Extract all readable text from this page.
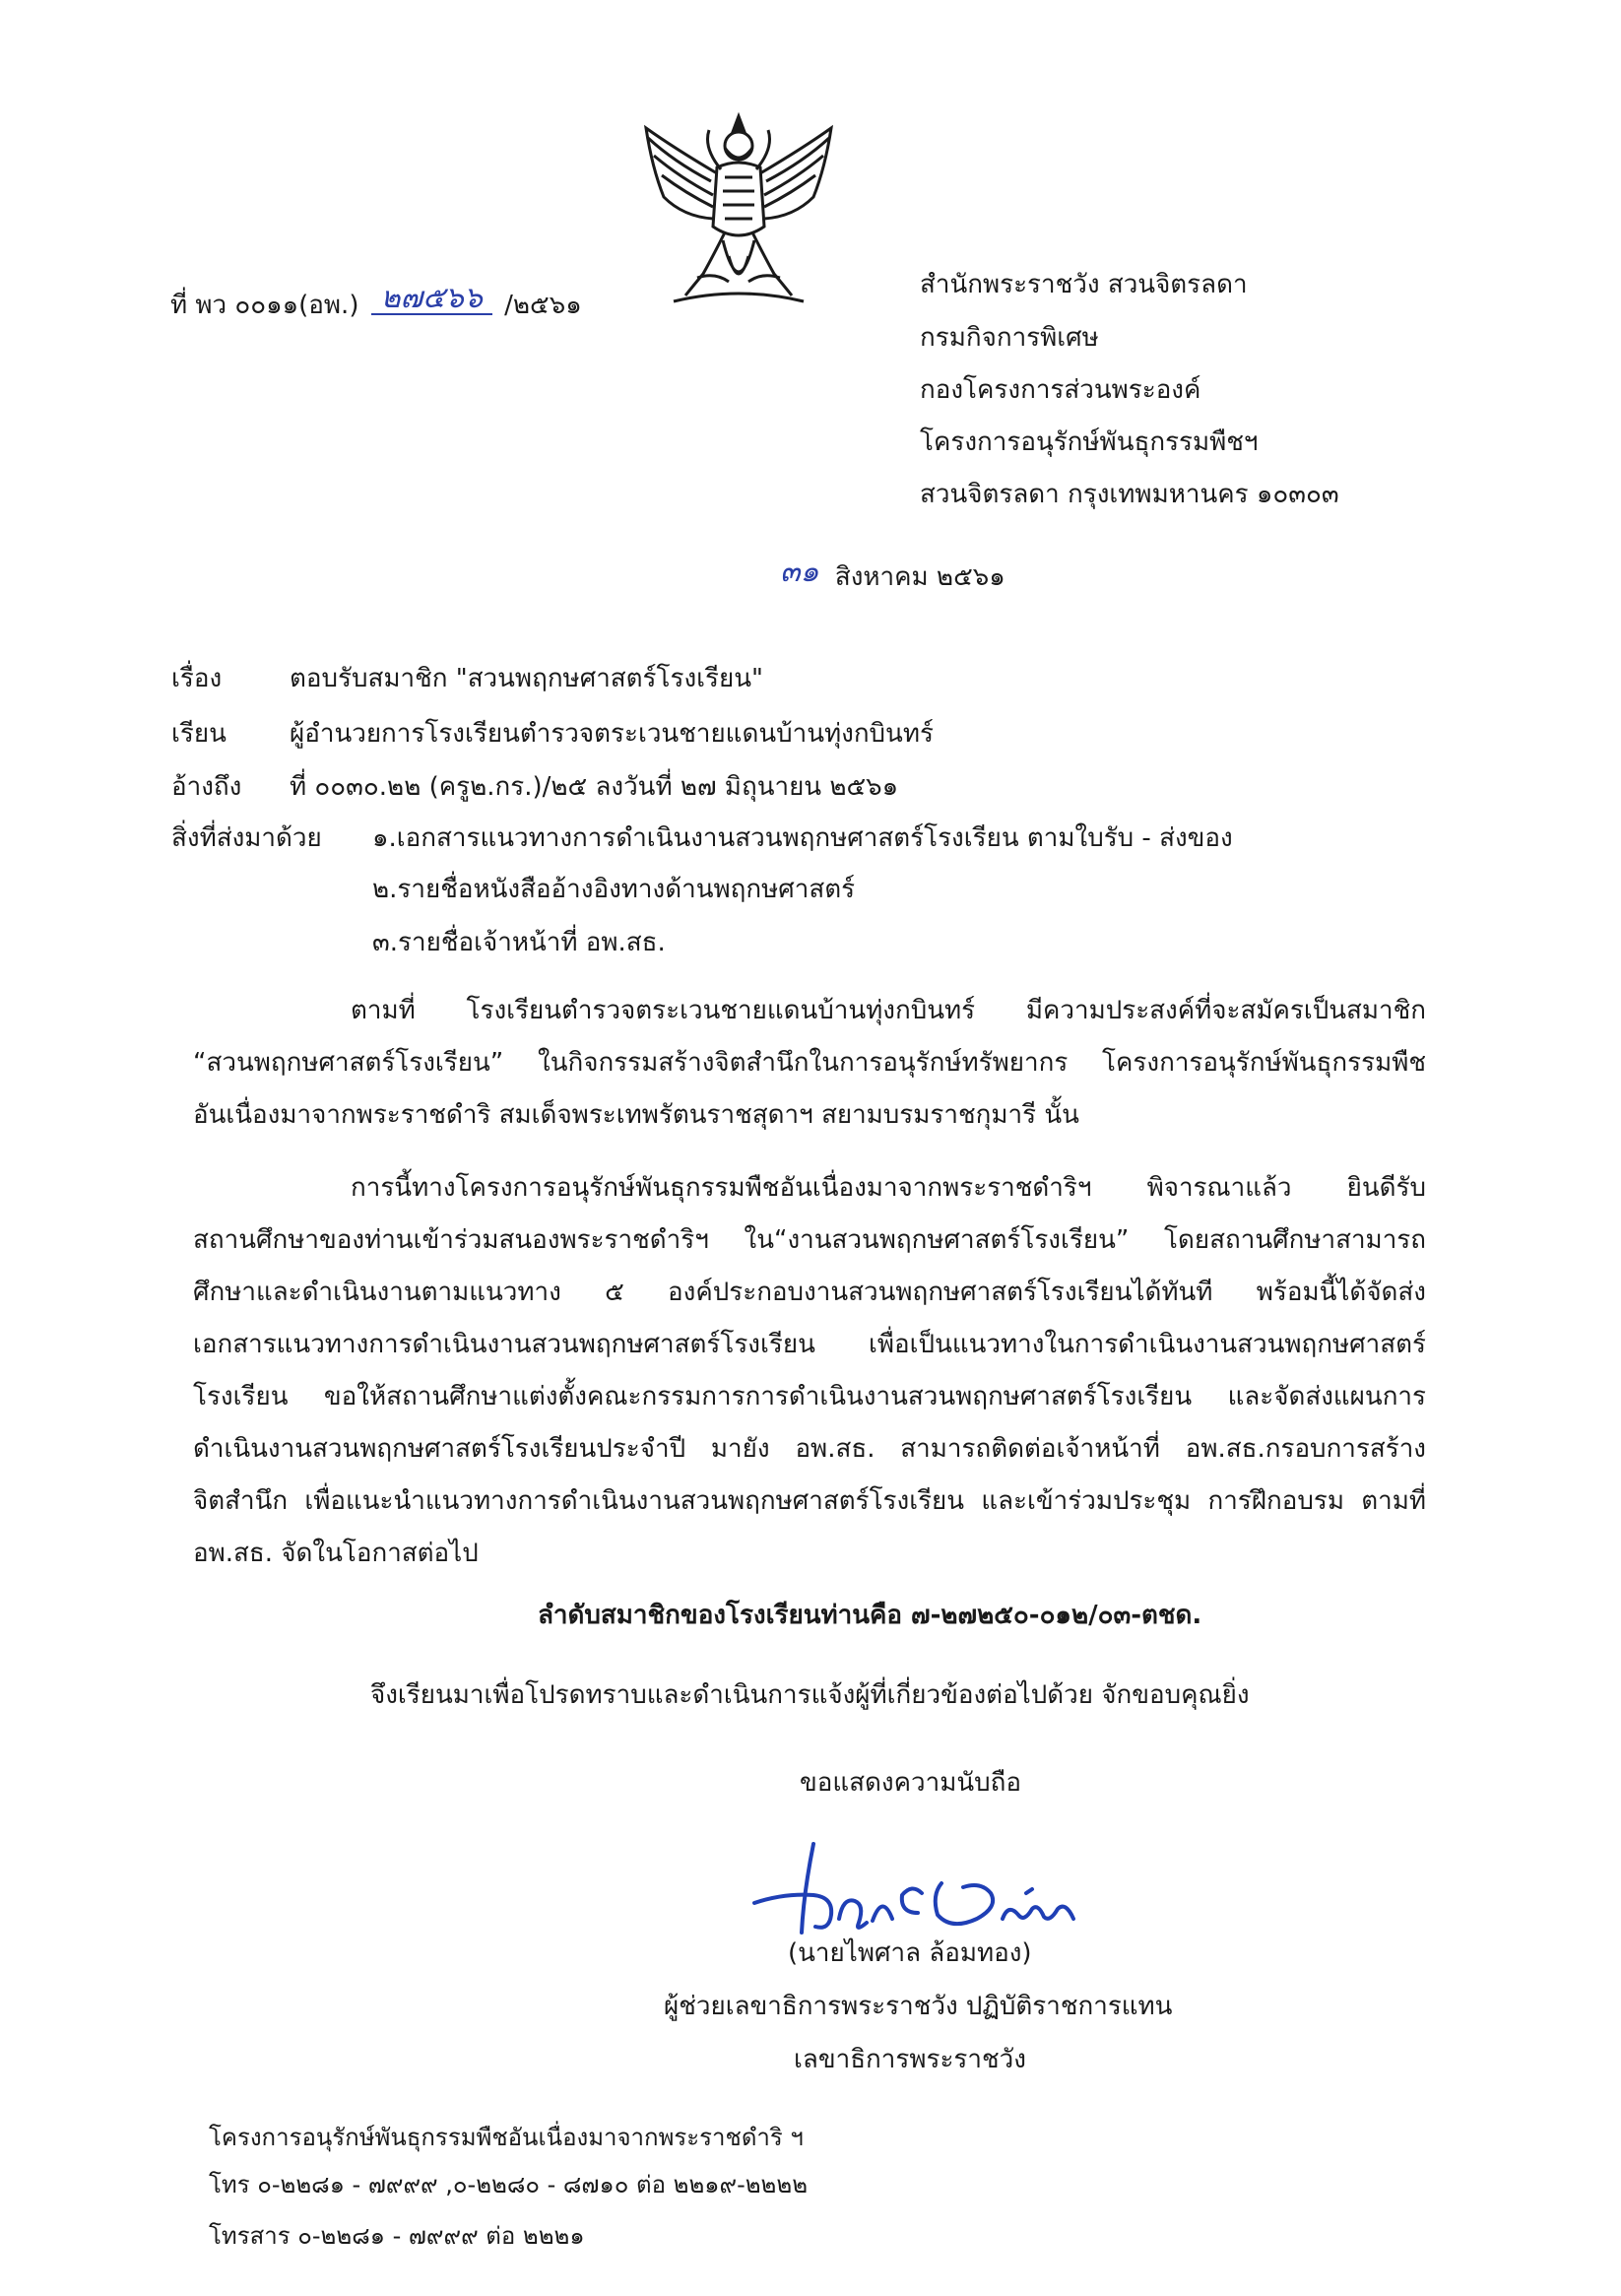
ที่ พว ๐๐๑๑(อพ.) ๒๗๕๖๖ /๒๕๖๑
สำนักพระราชวัง สวนจิตรลดา
กรมกิจการพิเศษ
กองโครงการส่วนพระองค์
โครงการอนุรักษ์พันธุกรรมพืชฯ
สวนจิตรลดา กรุงเทพมหานคร ๑๐๓๐๓
๓๑ สิงหาคม ๒๕๖๑
เรื่อง	ตอบรับสมาชิก "สวนพฤกษศาสตร์โรงเรียน"
เรียน ผู้อำนวยการโรงเรียนตำรวจตระเวนชายแดนบ้านทุ่งกบินทร์
อ้างถึง ที่ ๐๐๓๐.๒๒ (ครู๒.กร.)/๒๕ ลงวันที่ ๒๗ มิถุนายน ๒๕๖๑
สิ่งที่ส่งมาด้วย ๑.เอกสารแนวทางการดำเนินงานสวนพฤกษศาสตร์โรงเรียน ตามใบรับ - ส่งของ
๒.รายชื่อหนังสืออ้างอิงทางด้านพฤกษศาสตร์
๓.รายชื่อเจ้าหน้าที่ อพ.สธ.
ตามที่ โรงเรียนตำรวจตระเวนชายแดนบ้านทุ่งกบินทร์ มีความประสงค์ที่จะสมัครเป็นสมาชิก
“สวนพฤกษศาสตร์โรงเรียน” ในกิจกรรมสร้างจิตสำนึกในการอนุรักษ์ทรัพยากร โครงการอนุรักษ์พันธุกรรมพืช
อันเนื่องมาจากพระราชดำริ สมเด็จพระเทพรัตนราชสุดาฯ สยามบรมราชกุมารี นั้น
การนี้ทางโครงการอนุรักษ์พันธุกรรมพืชอันเนื่องมาจากพระราชดำริฯ พิจารณาแล้ว ยินดีรับ
สถานศึกษาของท่านเข้าร่วมสนองพระราชดำริฯ ใน“งานสวนพฤกษศาสตร์โรงเรียน” โดยสถานศึกษาสามารถ
ศึกษาและดำเนินงานตามแนวทาง ๕ องค์ประกอบงานสวนพฤกษศาสตร์โรงเรียนได้ทันที พร้อมนี้ได้จัดส่ง
เอกสารแนวทางการดำเนินงานสวนพฤกษศาสตร์โรงเรียน เพื่อเป็นแนวทางในการดำเนินงานสวนพฤกษศาสตร์
โรงเรียน ขอให้สถานศึกษาแต่งตั้งคณะกรรมการการดำเนินงานสวนพฤกษศาสตร์โรงเรียน และจัดส่งแผนการ
ดำเนินงานสวนพฤกษศาสตร์โรงเรียนประจำปี มายัง อพ.สธ. สามารถติดต่อเจ้าหน้าที่ อพ.สธ.กรอบการสร้าง
จิตสำนึก เพื่อแนะนำแนวทางการดำเนินงานสวนพฤกษศาสตร์โรงเรียน และเข้าร่วมประชุม การฝึกอบรม ตามที่
อพ.สธ. จัดในโอกาสต่อไป
ลำดับสมาชิกของโรงเรียนท่านคือ ๗-๒๗๒๕๐-๐๑๒/๐๓-ตชด.
จึงเรียนมาเพื่อโปรดทราบและดำเนินการแจ้งผู้ที่เกี่ยวข้องต่อไปด้วย จักขอบคุณยิ่ง
ขอแสดงความนับถือ
(นายไพศาล ล้อมทอง)
ผู้ช่วยเลขาธิการพระราชวัง ปฏิบัติราชการแทน
เลขาธิการพระราชวัง
โครงการอนุรักษ์พันธุกรรมพืชอันเนื่องมาจากพระราชดำริ ฯ
โทร ๐-๒๒๘๑ - ๗๙๙๙ ,๐-๒๒๘๐ - ๘๗๑๐ ต่อ ๒๒๑๙-๒๒๒๒
โทรสาร ๐-๒๒๘๑ - ๗๙๙๙ ต่อ ๒๒๒๑
